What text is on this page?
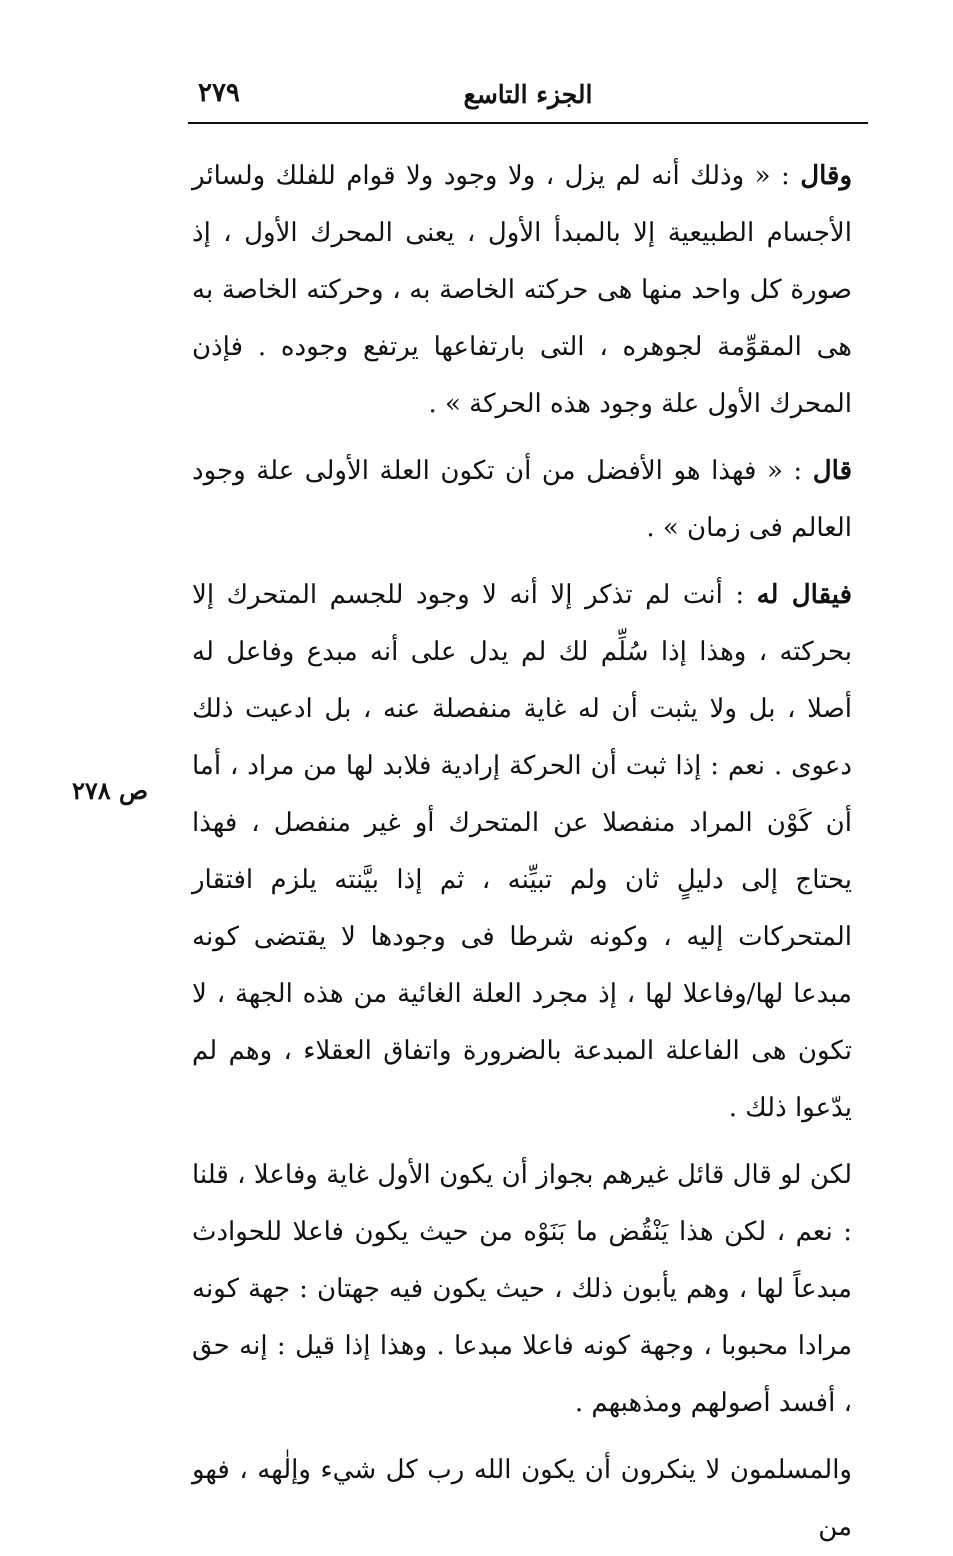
٢٧٩	الجزء التاسع
ص ٢٧٨

وقال : « وذلك أنه لم يزل ، ولا وجود ولا قوام للفلك ولسائر الأجسام الطبيعية إلا بالمبدأ الأول ، يعنى المحرك الأول ، إذ صورة كل واحد منها هى حركته الخاصة به ، وحركته الخاصة به هى المقوِّمة لجوهره ، التى بارتفاعها يرتفع وجوده . فإذن المحرك الأول علة وجود هذه الحركة » .

قال : « فهذا هو الأفضل من أن تكون العلة الأولى علة وجود العالم فى زمان » .

فيقال له : أنت لم تذكر إلا أنه لا وجود للجسم المتحرك إلا بحركته ، وهذا إذا سُلِّم لك لم يدل على أنه مبدع وفاعل له أصلا ، بل ولا يثبت أن له غاية منفصلة عنه ، بل ادعيت ذلك دعوى . نعم : إذا ثبت أن الحركة إرادية فلابد لها من مراد ، أما أن كَوْن المراد منفصلا عن المتحرك أو غير منفصل ، فهذا يحتاج إلى دليلٍ ثان ولم تبيِّنه ، ثم إذا بيَّنته يلزم افتقار المتحركات إليه ، وكونه شرطا فى وجودها لا يقتضى كونه مبدعا لها/وفاعلا لها ، إذ مجرد العلة الغائية من هذه الجهة ، لا تكون هى الفاعلة المبدعة بالضرورة واتفاق العقلاء ، وهم لم يدّعوا ذلك .

لكن لو قال قائل غيرهم بجواز أن يكون الأول غاية وفاعلا ، قلنا : نعم ، لكن هذا يَنْقُض ما بَنَوْه من حيث يكون فاعلا للحوادث مبدعاً لها ، وهم يأبون ذلك ، حيث يكون فيه جهتان : جهة كونه مرادا محبوبا ، وجهة كونه فاعلا مبدعا . وهذا إذا قيل : إنه حق ، أفسد أصولهم ومذهبهم .

والمسلمون لا ينكرون أن يكون الله رب كل شيء وإلٰهه ، فهو من
